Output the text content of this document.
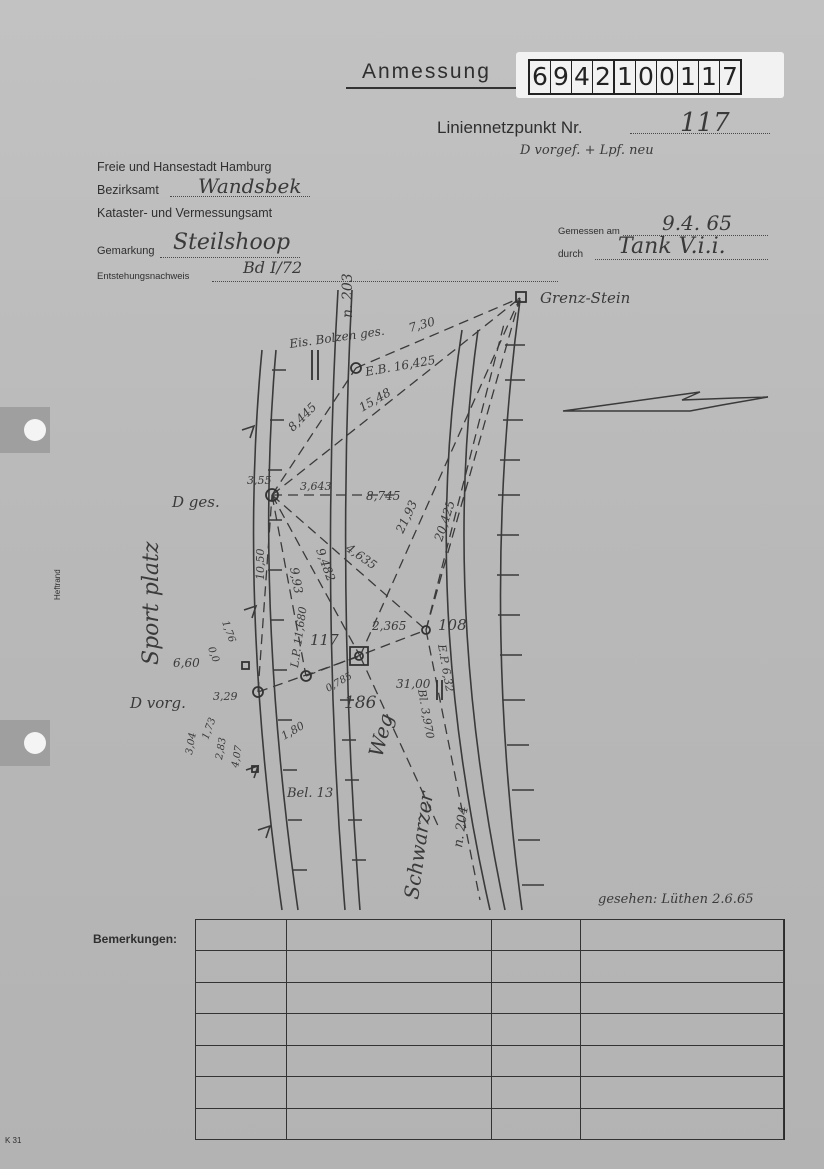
Anmessung 6 9 4 2 1 0 0 1 1 7
Liniennetzpunkt Nr.	117
D vorgef. + Lpf. neu
Freie und Hansestadt Hamburg
Bezirksamt Wandsbek
Kataster- und Vermessungsamt
Gemarkung Steilshoop
Entstehungsnachweis	Bd I/72
Gemessen am 9.4. 65
durch Tank V.i.i.
n. 203	Grenz-Stein
Eis. Bolzen ges.
E.B. 16,425
7,30
15,48
8,445
3,55	3,643
8,745
21,93 20,425
D ges.
4,635
9,482
9,93
10,50
Sport platz	L.P. 11,680 117
2,365 108
E.P. 6,32
31,00
Bl. 3,970
186
Weg
Schwarzer
6,60
1,76
0,0
3,29
D vorg.
1,73
3,04 2,83 4,07
1,80
0,785
Bel. 13
n. 204
gesehen: Lüthen 2.6.65
Bemerkungen:

Heftrand
K 31
